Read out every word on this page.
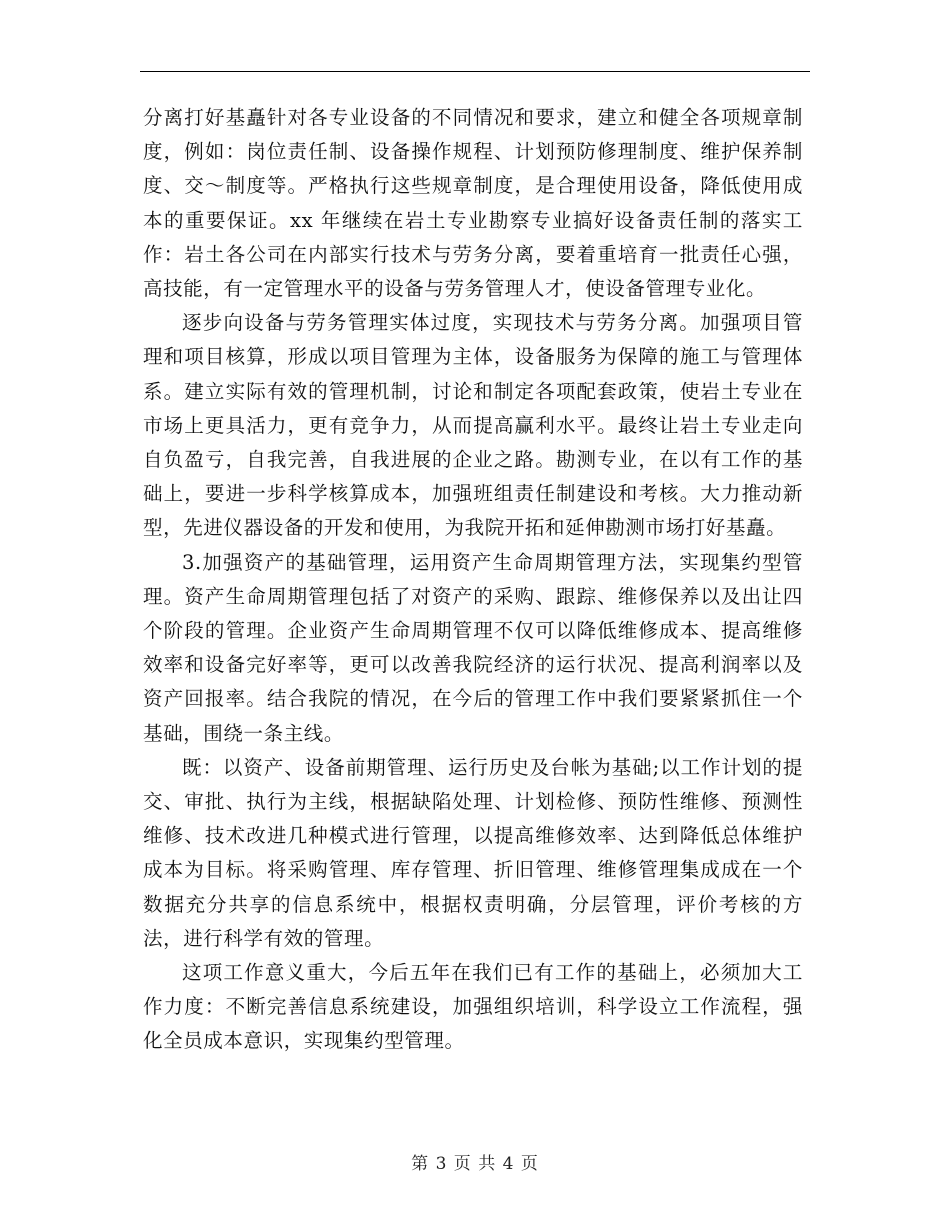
分离打好基矗针对各专业设备的不同情况和要求，建立和健全各项规章制度，例如：岗位责任制、设备操作规程、计划预防修理制度、维护保养制度、交～制度等。严格执行这些规章制度，是合理使用设备，降低使用成本的重要保证。xx 年继续在岩土专业勘察专业搞好设备责任制的落实工作：岩土各公司在内部实行技术与劳务分离，要着重培育一批责任心强，高技能，有一定管理水平的设备与劳务管理人才，使设备管理专业化。

逐步向设备与劳务管理实体过度，实现技术与劳务分离。加强项目管理和项目核算，形成以项目管理为主体，设备服务为保障的施工与管理体系。建立实际有效的管理机制，讨论和制定各项配套政策，使岩土专业在市场上更具活力，更有竞争力，从而提高赢利水平。最终让岩土专业走向自负盈亏，自我完善，自我进展的企业之路。勘测专业，在以有工作的基础上，要进一步科学核算成本，加强班组责任制建设和考核。大力推动新型，先进仪器设备的开发和使用，为我院开拓和延伸勘测市场打好基矗。

3.加强资产的基础管理，运用资产生命周期管理方法，实现集约型管理。资产生命周期管理包括了对资产的采购、跟踪、维修保养以及出让四个阶段的管理。企业资产生命周期管理不仅可以降低维修成本、提高维修效率和设备完好率等，更可以改善我院经济的运行状况、提高利润率以及资产回报率。结合我院的情况，在今后的管理工作中我们要紧紧抓住一个基础，围绕一条主线。

既：以资产、设备前期管理、运行历史及台帐为基础;以工作计划的提交、审批、执行为主线，根据缺陷处理、计划检修、预防性维修、预测性维修、技术改进几种模式进行管理，以提高维修效率、达到降低总体维护成本为目标。将采购管理、库存管理、折旧管理、维修管理集成成在一个数据充分共享的信息系统中，根据权责明确，分层管理，评价考核的方法，进行科学有效的管理。

这项工作意义重大，今后五年在我们已有工作的基础上，必须加大工作力度：不断完善信息系统建设，加强组织培训，科学设立工作流程，强化全员成本意识，实现集约型管理。

第 3 页 共 4 页
